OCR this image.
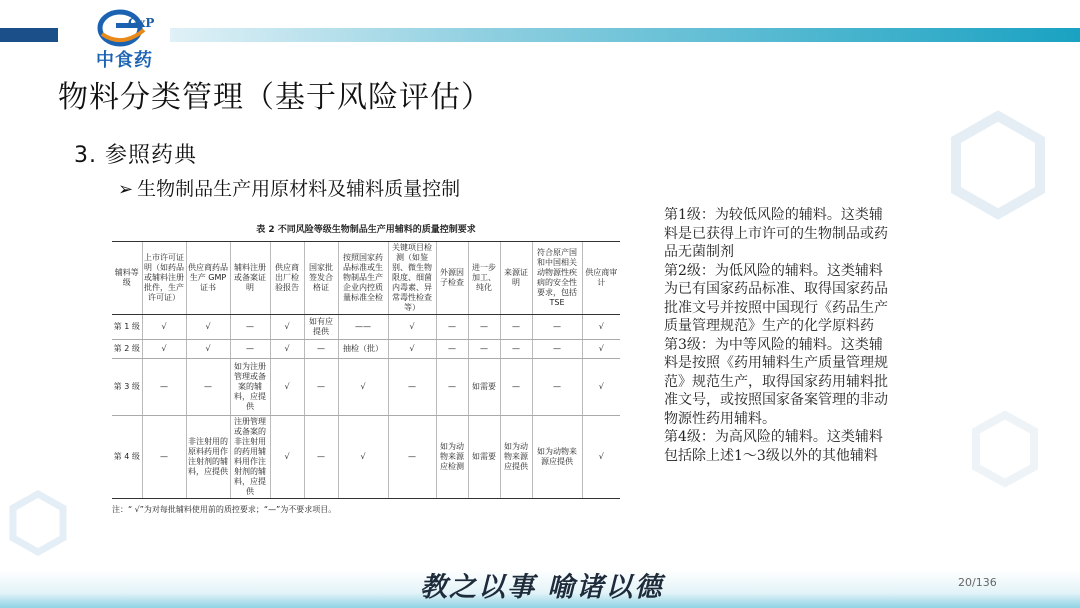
GxP
中食药
物料分类管理（基于风险评估）
3. 参照药典
➢ 生物制品生产用原材料及辅料质量控制
表 2 不同风险等级生物制品生产用辅料的质量控制要求
辅料等级	上市许可证明（如药品或辅料注册批件，生产许可证）	供应商药品生产 GMP 证书	辅料注册或备案证明	供应商出厂检验报告	国家批签发合格证	按照国家药品标准或生物制品生产企业内控质量标准全检	关键项目检测（如鉴别、微生物限度、细菌内毒素、异常毒性检查等）	外源因子检查	进一步加工、纯化	来源证明	符合原产国和中国相关动物源性疾病的安全性要求，包括 TSE	供应商审计
第 1 级	√	√	—	√	如有应提供	——	√	—	—	—	—	√
第 2 级	√	√	—	√	—	抽检（批）	√	—	—	—	—	√
第 3 级	—	—	如为注册管理或备案的辅料，应提供	√	—	√	—	—	如需要	—	—	√
第 4 级	—	非注射用的原料药用作注射剂的辅料，应提供	注册管理或备案的非注射用的药用辅料用作注射剂的辅料，应提供	√	—	√	—	如为动物来源应检测	如需要	如为动物来源应提供	如为动物来源应提供	√
注：“ √”为对每批辅料使用前的质控要求；“—”为不要求项目。

第1级：为较低风险的辅料。这类辅料是已获得上市许可的生物制品或药品无菌制剂

第2级：为低风险的辅料。这类辅料为已有国家药品标准、取得国家药品批准文号并按照中国现行《药品生产质量管理规范》生产的化学原料药

第3级：为中等风险的辅料。这类辅料是按照《药用辅料生产质量管理规范》规范生产，取得国家药用辅料批准文号，或按照国家备案管理的非动物源性药用辅料。

第4级：为高风险的辅料。这类辅料包括除上述1～3级以外的其他辅料

教之以事 喻诸以德	20/136
